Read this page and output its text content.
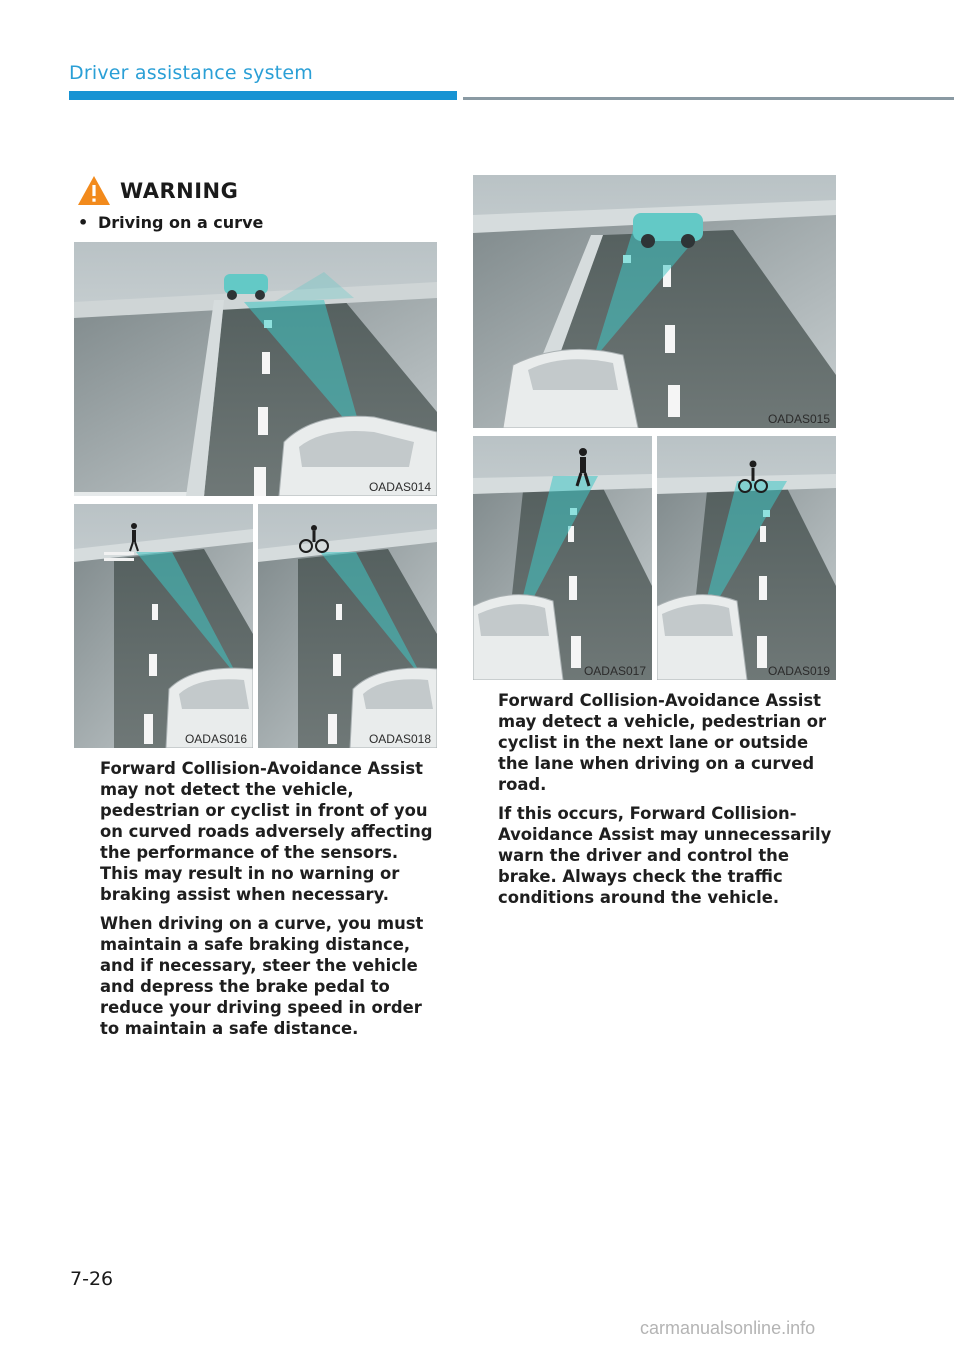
Driver assistance system
WARNING
• Driving on a curve
OADAS014
OADAS016	OADAS018
OADAS015
OADAS017	OADAS019

Forward Collision-Avoidance Assist may not detect the vehicle, pedestrian or cyclist in front of you on curved roads adversely affecting the performance of the sensors. This may result in no warning or braking assist when necessary.

When driving on a curve, you must maintain a safe braking distance, and if necessary, steer the vehicle and depress the brake pedal to reduce your driving speed in order to maintain a safe distance.

Forward Collision-Avoidance Assist may detect a vehicle, pedestrian or cyclist in the next lane or outside the lane when driving on a curved road.

If this occurs, Forward Collision-Avoidance Assist may unnecessarily warn the driver and control the brake. Always check the traffic conditions around the vehicle.

7-26
carmanualsonline.info
